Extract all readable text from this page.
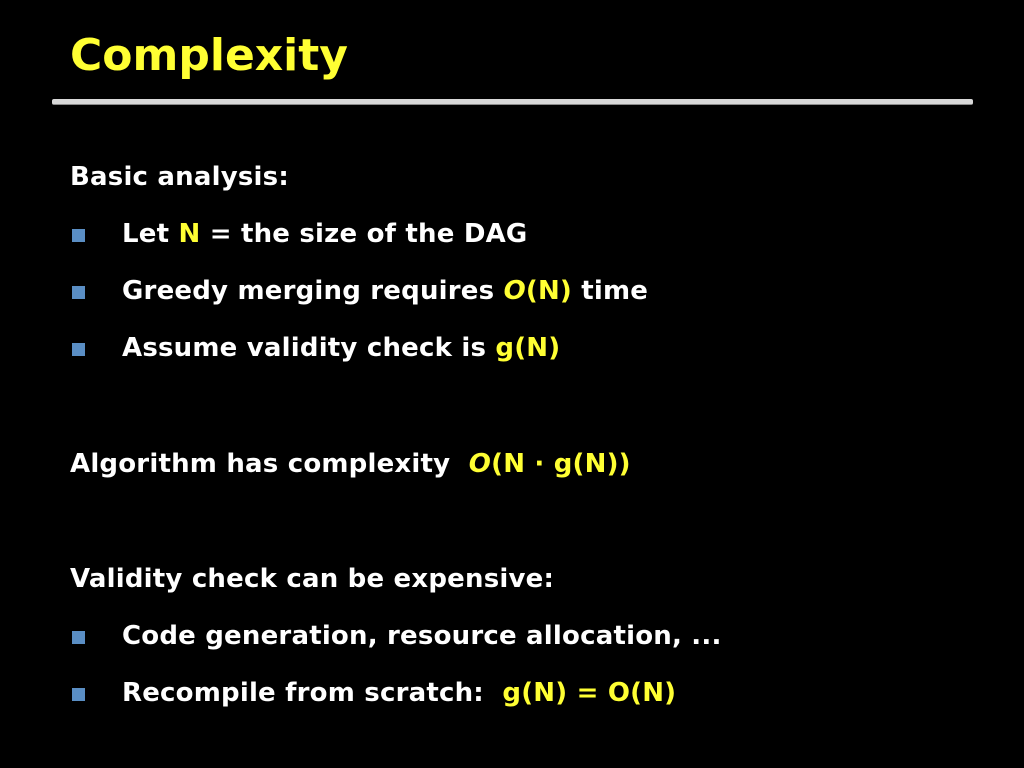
Complexity
Basic analysis:
Let N = the size of the DAG
Greedy merging requires O(N) time
Assume validity check is g(N)
Algorithm has complexity  O(N · g(N))
Validity check can be expensive:
Code generation, resource allocation, ...
Recompile from scratch:  g(N) = O(N)
